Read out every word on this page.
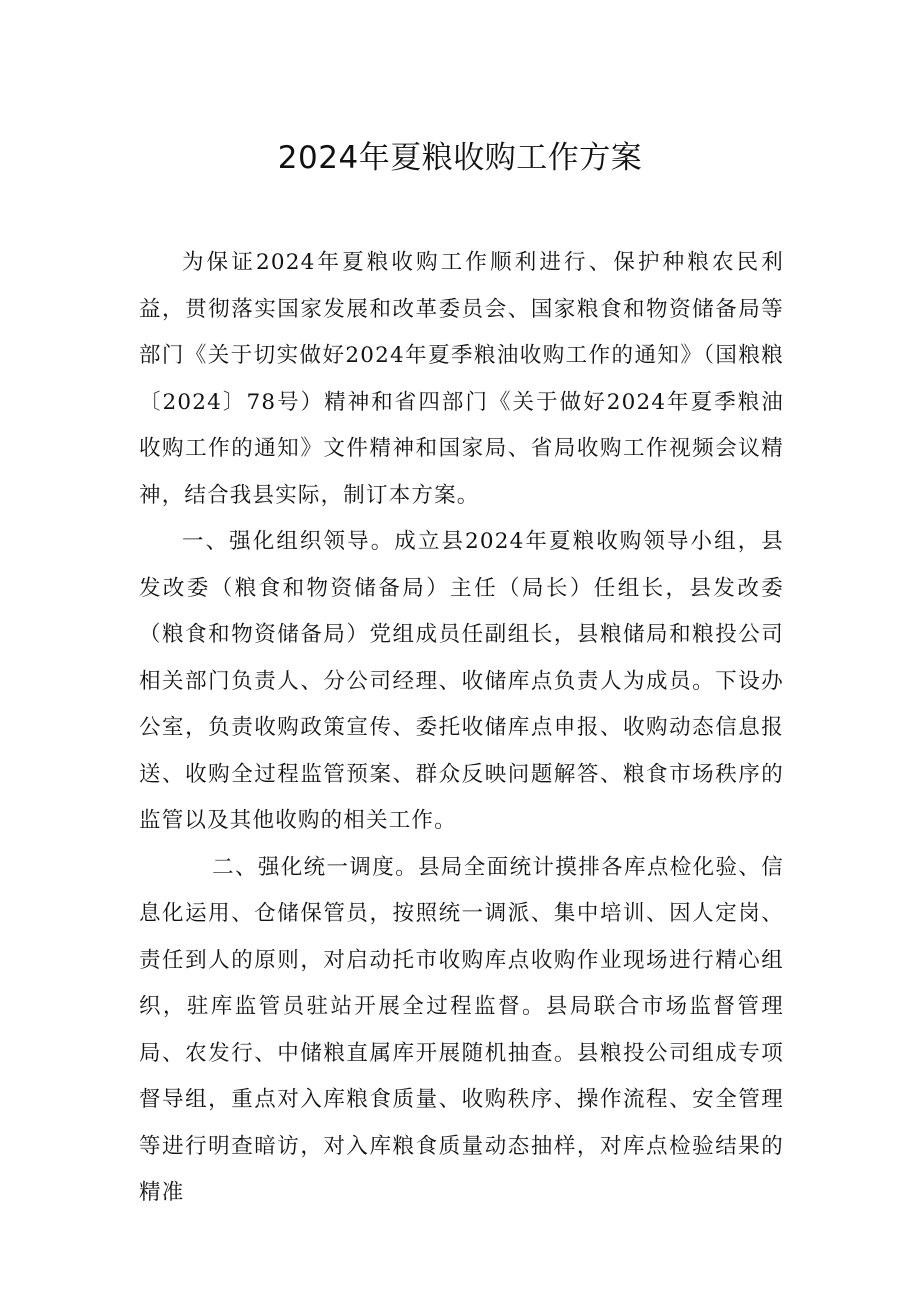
2024年夏粮收购工作方案

为保证2024年夏粮收购工作顺利进行、保护种粮农民利益，贯彻落实国家发展和改革委员会、国家粮食和物资储备局等部门《关于切实做好2024年夏季粮油收购工作的通知》（国粮粮〔2024〕78号）精神和省四部门《关于做好2024年夏季粮油收购工作的通知》文件精神和国家局、省局收购工作视频会议精神，结合我县实际，制订本方案。

一、强化组织领导。成立县2024年夏粮收购领导小组，县发改委（粮食和物资储备局）主任（局长）任组长，县发改委（粮食和物资储备局）党组成员任副组长，县粮储局和粮投公司相关部门负责人、分公司经理、收储库点负责人为成员。下设办公室，负责收购政策宣传、委托收储库点申报、收购动态信息报送、收购全过程监管预案、群众反映问题解答、粮食市场秩序的监管以及其他收购的相关工作。

二、强化统一调度。县局全面统计摸排各库点检化验、信息化运用、仓储保管员，按照统一调派、集中培训、因人定岗、责任到人的原则，对启动托市收购库点收购作业现场进行精心组织，驻库监管员驻站开展全过程监督。县局联合市场监督管理局、农发行、中储粮直属库开展随机抽查。县粮投公司组成专项督导组，重点对入库粮食质量、收购秩序、操作流程、安全管理等进行明查暗访，对入库粮食质量动态抽样，对库点检验结果的精准
